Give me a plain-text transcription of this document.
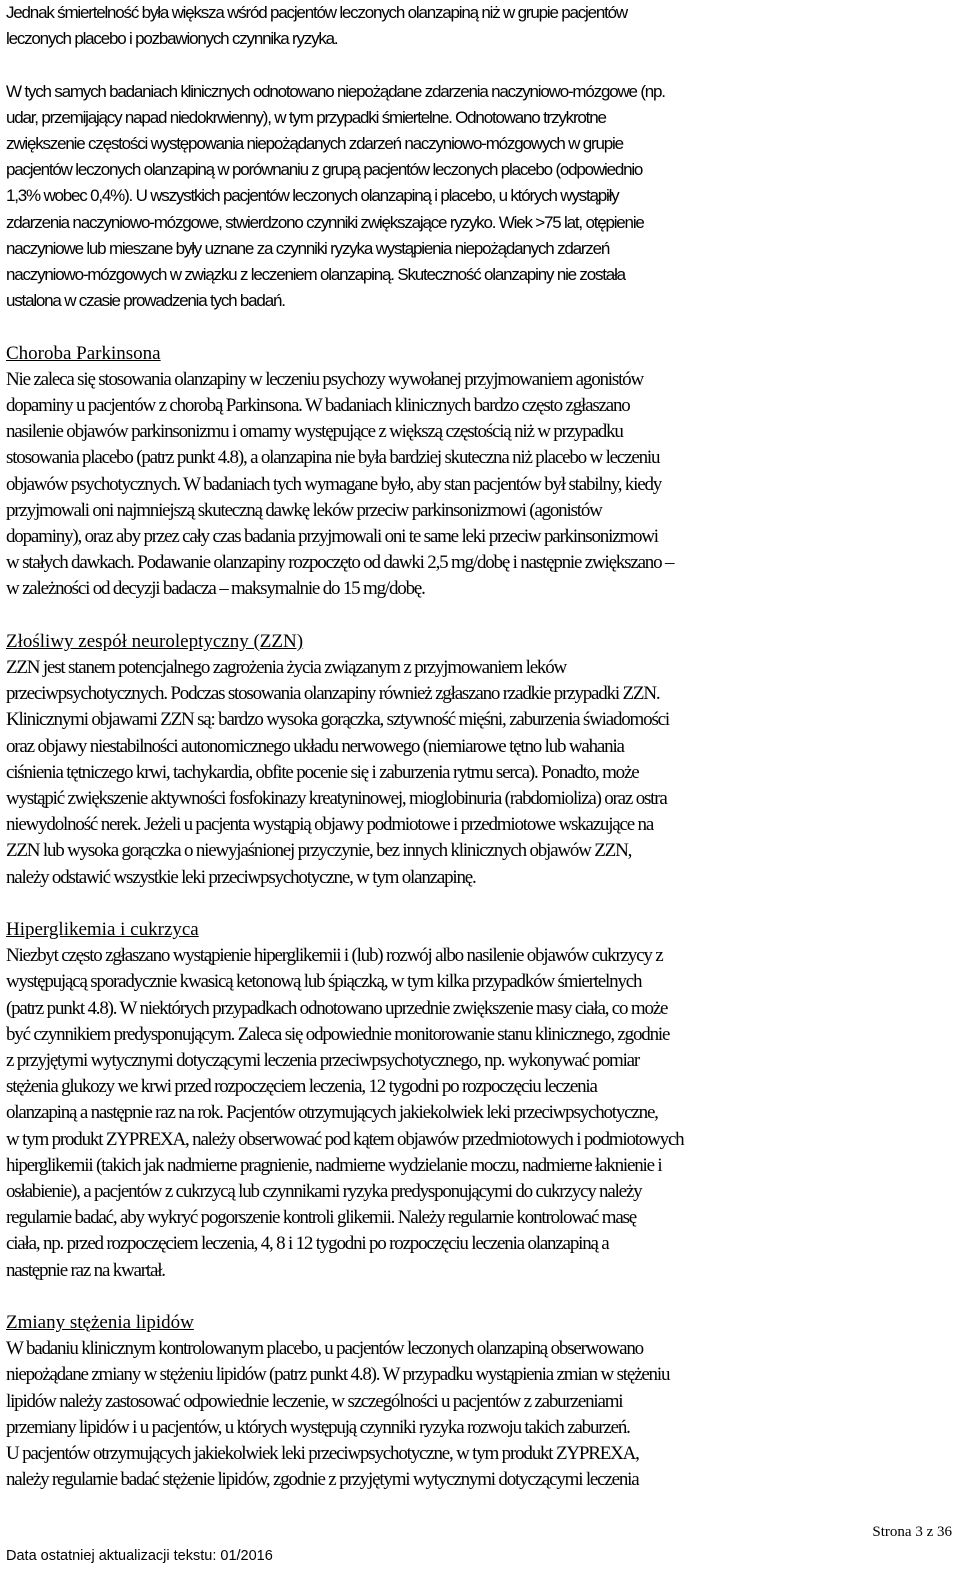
Jednak śmiertelność była większa wśród pacjentów leczonych olanzapiną niż w grupie pacjentów
leczonych placebo i pozbawionych czynnika ryzyka.

W tych samych badaniach klinicznych odnotowano niepożądane zdarzenia naczyniowo-mózgowe (np.
udar, przemijający napad niedokrwienny), w tym przypadki śmiertelne. Odnotowano trzykrotne
zwiększenie częstości występowania niepożądanych zdarzeń naczyniowo-mózgowych w grupie
pacjentów leczonych olanzapiną w porównaniu z grupą pacjentów leczonych placebo (odpowiednio
1,3% wobec 0,4%). U wszystkich pacjentów leczonych olanzapiną i placebo, u których wystąpiły
zdarzenia naczyniowo-mózgowe, stwierdzono czynniki zwiększające ryzyko. Wiek >75 lat, otępienie
naczyniowe lub mieszane były uznane za czynniki ryzyka wystąpienia niepożądanych zdarzeń
naczyniowo-mózgowych w związku z leczeniem olanzapiną. Skuteczność olanzapiny nie została
ustalona w czasie prowadzenia tych badań.

Choroba Parkinsona

Nie zaleca się stosowania olanzapiny w leczeniu psychozy wywołanej przyjmowaniem agonistów
dopaminy u pacjentów z chorobą Parkinsona. W badaniach klinicznych bardzo często zgłaszano
nasilenie objawów parkinsonizmu i omamy występujące z większą częstością niż w przypadku
stosowania placebo (patrz punkt 4.8), a olanzapina nie była bardziej skuteczna niż placebo w leczeniu
objawów psychotycznych. W badaniach tych wymagane było, aby stan pacjentów był stabilny, kiedy
przyjmowali oni najmniejszą skuteczną dawkę leków przeciw parkinsonizmowi (agonistów
dopaminy), oraz aby przez cały czas badania przyjmowali oni te same leki przeciw parkinsonizmowi
w stałych dawkach. Podawanie olanzapiny rozpoczęto od dawki 2,5 mg/dobę i następnie zwiększano –
w zależności od decyzji badacza – maksymalnie do 15 mg/dobę.

Złośliwy zespół neuroleptyczny (ZZN)

ZZN jest stanem potencjalnego zagrożenia życia związanym z przyjmowaniem leków
przeciwpsychotycznych. Podczas stosowania olanzapiny również zgłaszano rzadkie przypadki ZZN.
Klinicznymi objawami ZZN są: bardzo wysoka gorączka, sztywność mięśni, zaburzenia świadomości
oraz objawy niestabilności autonomicznego układu nerwowego (niemiarowe tętno lub wahania
ciśnienia tętniczego krwi, tachykardia, obfite pocenie się i zaburzenia rytmu serca). Ponadto, może
wystąpić zwiększenie aktywności fosfokinazy kreatyninowej, mioglobinuria (rabdomioliza) oraz ostra
niewydolność nerek. Jeżeli u pacjenta wystąpią objawy podmiotowe i przedmiotowe wskazujące na
ZZN lub wysoka gorączka o niewyjaśnionej przyczynie, bez innych klinicznych objawów ZZN,
należy odstawić wszystkie leki przeciwpsychotyczne, w tym olanzapinę.

Hiperglikemia i cukrzyca

Niezbyt często zgłaszano wystąpienie hiperglikemii i (lub) rozwój albo nasilenie objawów cukrzycy z
występującą sporadycznie kwasicą ketonową lub śpiączką, w tym kilka przypadków śmiertelnych
(patrz punkt 4.8). W niektórych przypadkach odnotowano uprzednie zwiększenie masy ciała, co może
być czynnikiem predysponującym. Zaleca się odpowiednie monitorowanie stanu klinicznego, zgodnie
z przyjętymi wytycznymi dotyczącymi leczenia przeciwpsychotycznego, np. wykonywać pomiar
stężenia glukozy we krwi przed rozpoczęciem leczenia, 12 tygodni po rozpoczęciu leczenia
olanzapiną a następnie raz na rok. Pacjentów otrzymujących jakiekolwiek leki przeciwpsychotyczne,
w tym produkt ZYPREXA, należy obserwować pod kątem objawów przedmiotowych i podmiotowych
hiperglikemii (takich jak nadmierne pragnienie, nadmierne wydzielanie moczu, nadmierne łaknienie i
osłabienie), a pacjentów z cukrzycą lub czynnikami ryzyka predysponującymi do cukrzycy należy
regularnie badać, aby wykryć pogorszenie kontroli glikemii. Należy regularnie kontrolować masę
ciała, np. przed rozpoczęciem leczenia, 4, 8 i 12 tygodni po rozpoczęciu leczenia olanzapiną a
następnie raz na kwartał.

Zmiany stężenia lipidów

W badaniu klinicznym kontrolowanym placebo, u pacjentów leczonych olanzapiną obserwowano
niepożądane zmiany w stężeniu lipidów (patrz punkt 4.8). W przypadku wystąpienia zmian w stężeniu
lipidów należy zastosować odpowiednie leczenie, w szczególności u pacjentów z zaburzeniami
przemiany lipidów i u pacjentów, u których występują czynniki ryzyka rozwoju takich zaburzeń.
U pacjentów otrzymujących jakiekolwiek leki przeciwpsychotyczne, w tym produkt ZYPREXA,
należy regularnie badać stężenie lipidów, zgodnie z przyjętymi wytycznymi dotyczącymi leczenia

Strona 3 z 36
Data ostatniej aktualizacji tekstu: 01/2016
